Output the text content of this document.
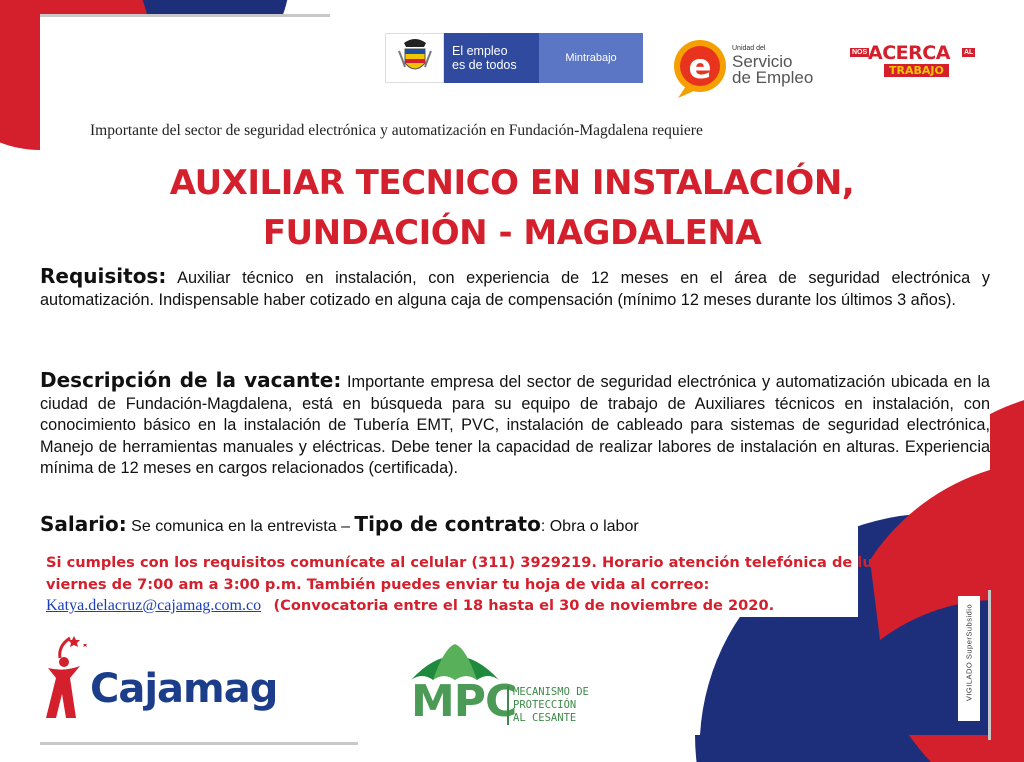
El empleo
es de todos	Mintrabajo	e	Unidad del
Servicio
de Empleo
NOS ACERCA AL
TRABAJO
Importante del sector de seguridad electrónica y automatización en Fundación-Magdalena requiere
AUXILIAR TECNICO EN INSTALACIÓN,
FUNDACIÓN - MAGDALENA
Requisitos: Auxiliar técnico en instalación, con experiencia de 12 meses en el área de seguridad electrónica y automatización. Indispensable haber cotizado en alguna caja de compensación (mínimo 12 meses durante los últimos 3 años).
Descripción de la vacante: Importante empresa del sector de seguridad electrónica y automatización ubicada en la ciudad de Fundación-Magdalena, está en búsqueda para su equipo de trabajo de Auxiliares técnicos en instalación, con conocimiento básico en la instalación de Tubería EMT, PVC, instalación de cableado para sistemas de seguridad electrónica, Manejo de herramientas manuales y eléctricas. Debe tener la capacidad de realizar labores de instalación en alturas. Experiencia mínima de 12 meses en cargos relacionados (certificada).
Salario: Se comunica en la entrevista – Tipo de contrato: Obra o labor
Si cumples con los requisitos comunícate al celular (311) 3929219. Horario atención telefónica de lunes a
viernes de 7:00 am a 3:00 p.m. También puedes enviar tu hoja de vida al correo:
Katya.delacruz@cajamag.com.co (Convocatoria entre el 18 hasta el 30 de noviembre de 2020.
Cajamag	MPC
MECANISMO DE
PROTECCIÓN
AL CESANTE
VIGILADO SuperSubsidio
